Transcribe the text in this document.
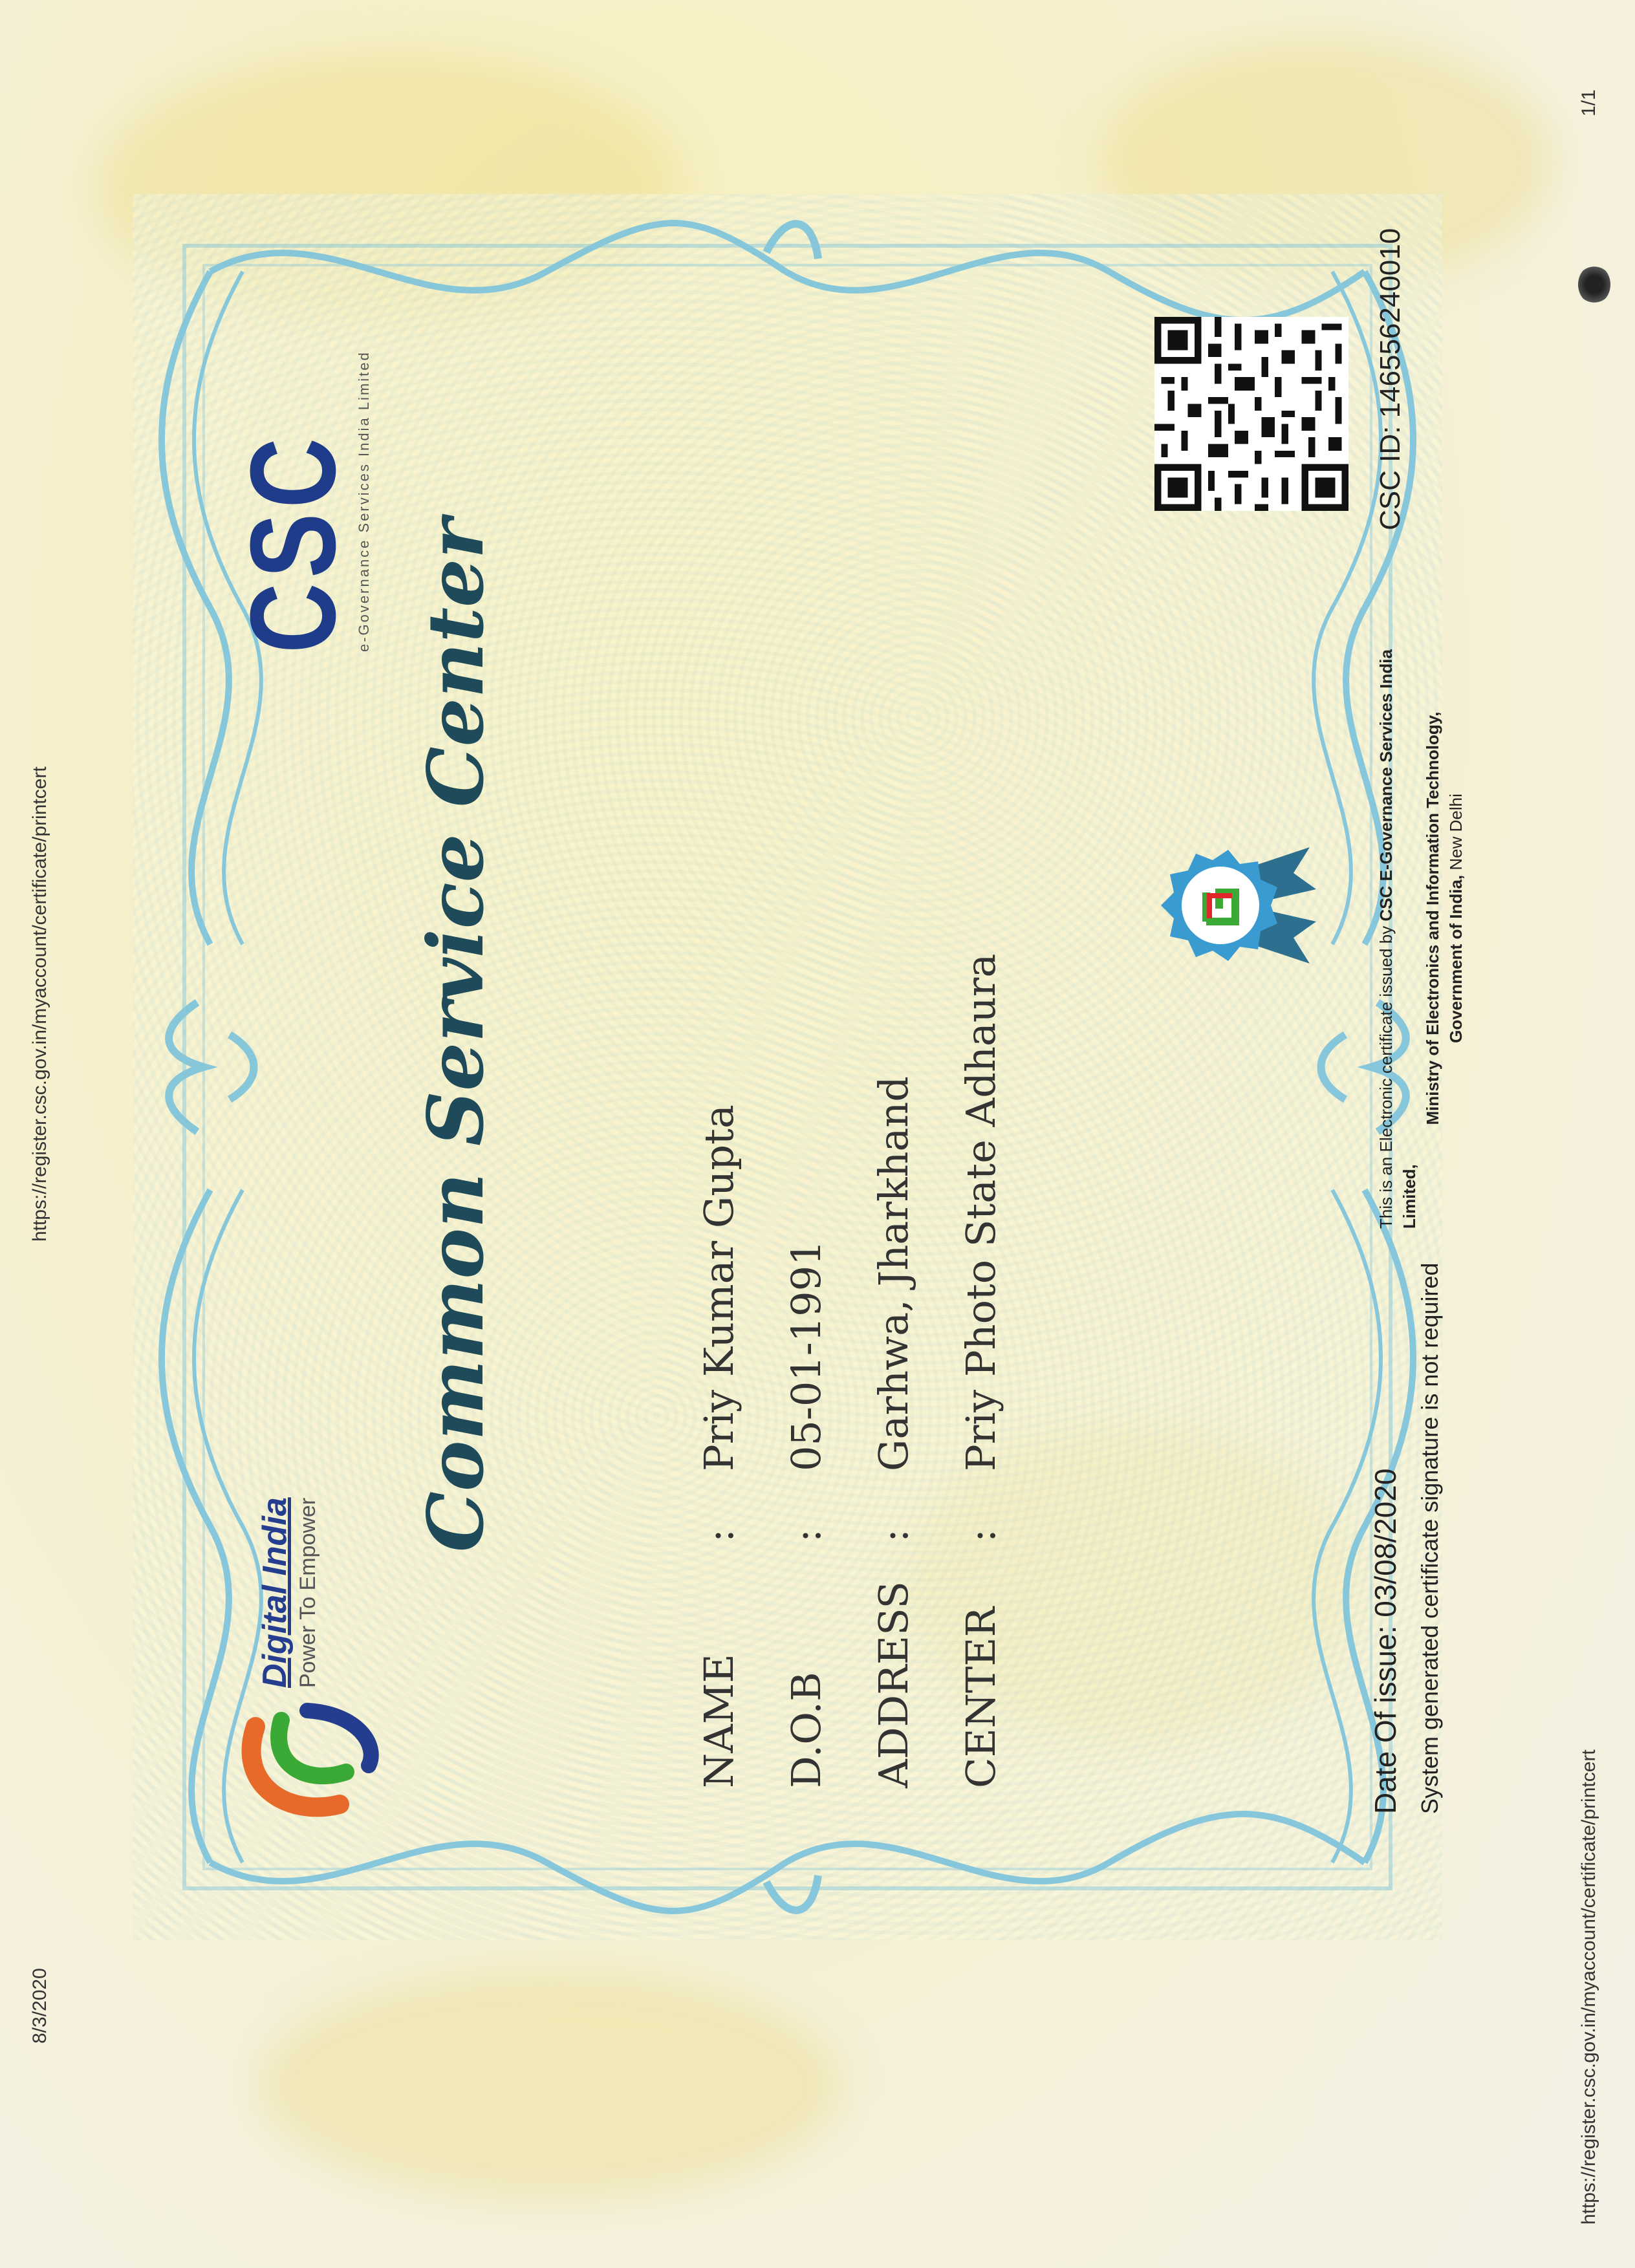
8/3/2020
https://register.csc.gov.in/myaccount/certificate/printcert
https://register.csc.gov.in/myaccount/certificate/printcert
1/1
Digital India Power To Empower
CSC
e-Governance Services India Limited
Common Service Center
NAME
:
Priy Kumar Gupta
D.O.B
:
05-01-1991
ADDRESS
:
Garhwa, Jharkhand
CENTER
:
Priy Photo State Adhaura
Date Of issue: 03/08/2020 System generated certificate signature is not required
This is an Electronic certificate issued by CSC E-Governance Services India Limited,
Ministry of Electronics and Information Technology, Government of India, New Delhi
CSC ID: 146556240010
